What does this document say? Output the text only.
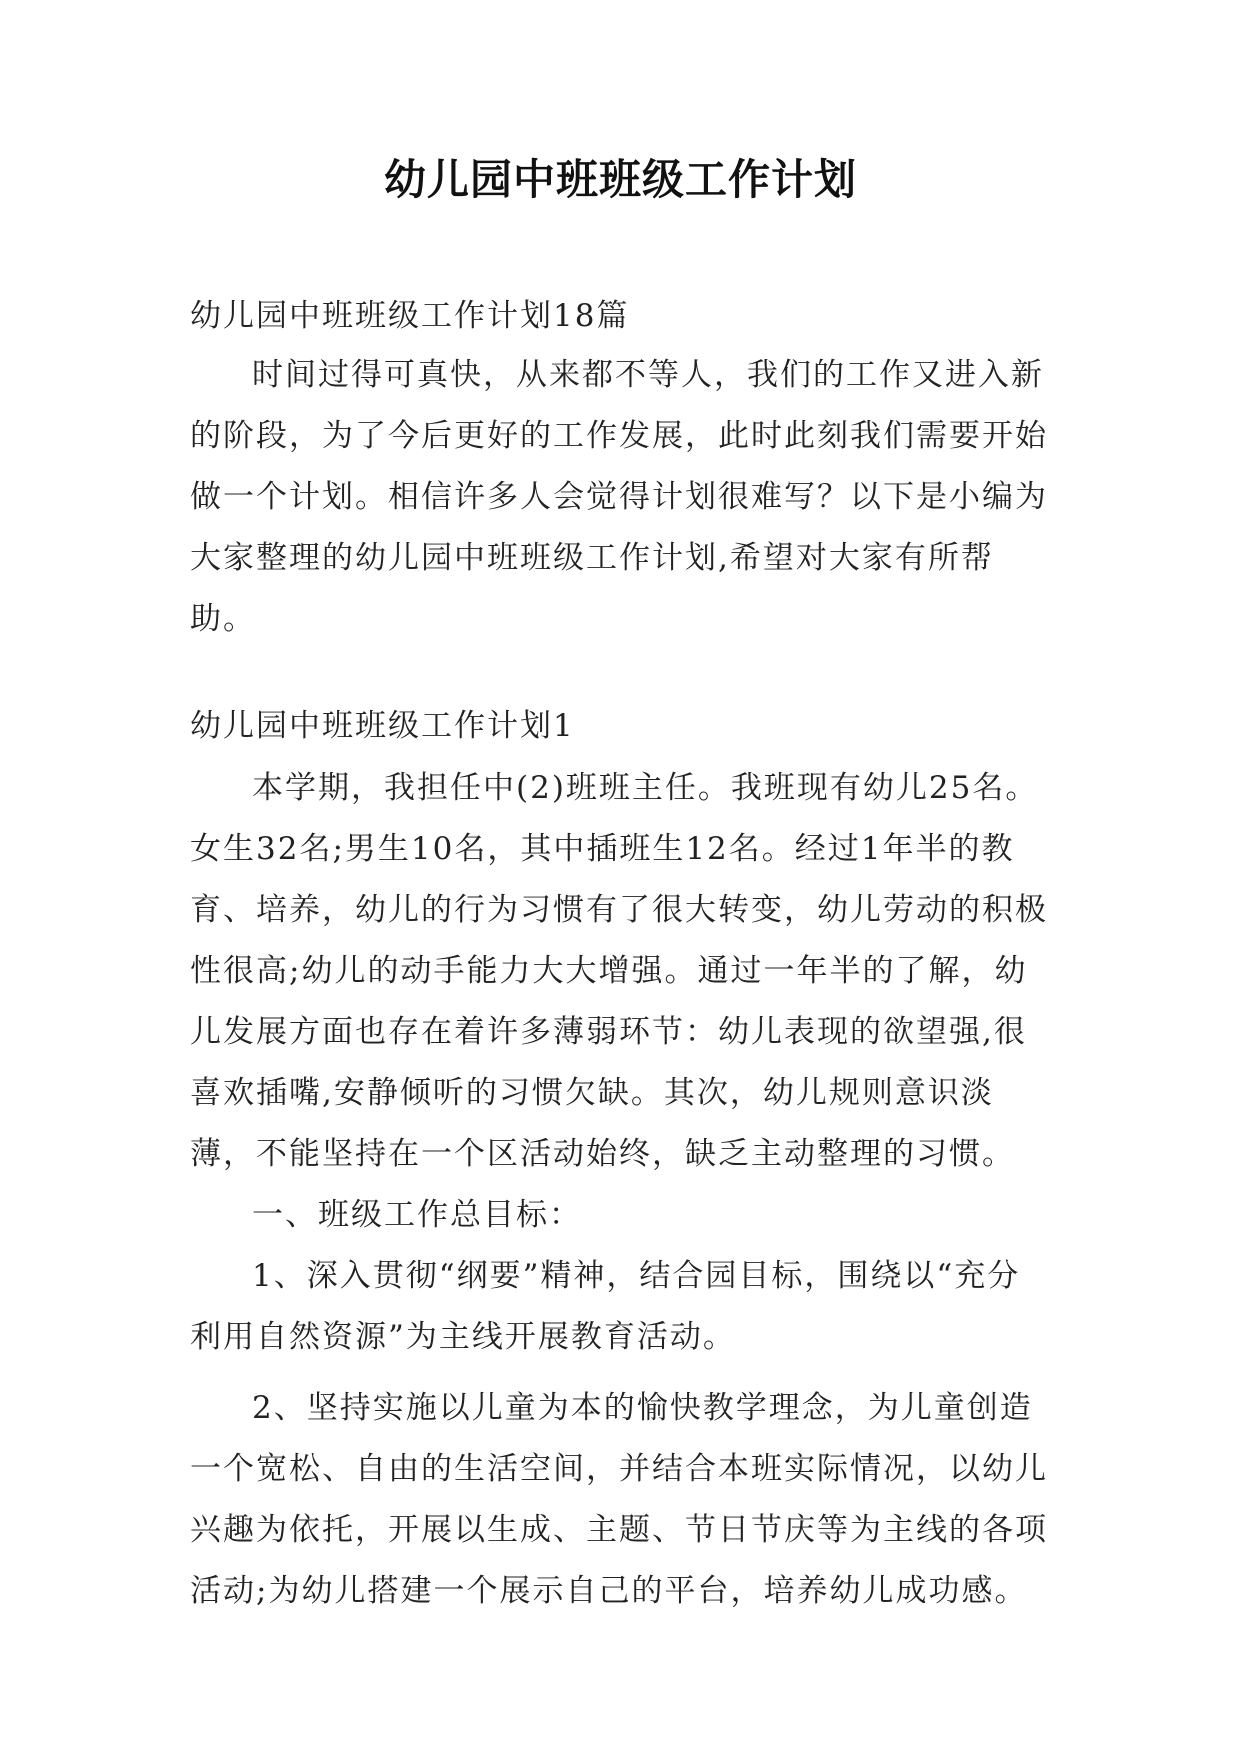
幼儿园中班班级工作计划
幼儿园中班班级工作计划18篇

时间过得可真快，从来都不等人，我们的工作又进入新的阶段，为了今后更好的工作发展，此时此刻我们需要开始做一个计划。相信许多人会觉得计划很难写？以下是小编为大家整理的幼儿园中班班级工作计划,希望对大家有所帮助。

幼儿园中班班级工作计划1

本学期，我担任中(2)班班主任。我班现有幼儿25名。女生32名;男生10名，其中插班生12名。经过1年半的教育、培养，幼儿的行为习惯有了很大转变，幼儿劳动的积极性很高;幼儿的动手能力大大增强。通过一年半的了解，幼儿发展方面也存在着许多薄弱环节：幼儿表现的欲望强,很喜欢插嘴,安静倾听的习惯欠缺。其次，幼儿规则意识淡薄，不能坚持在一个区活动始终，缺乏主动整理的习惯。

一、班级工作总目标：

1、深入贯彻“纲要”精神，结合园目标，围绕以“充分利用自然资源”为主线开展教育活动。

2、坚持实施以儿童为本的愉快教学理念，为儿童创造一个宽松、自由的生活空间，并结合本班实际情况，以幼儿兴趣为依托，开展以生成、主题、节日节庆等为主线的各项活动;为幼儿搭建一个展示自己的平台，培养幼儿成功感。
